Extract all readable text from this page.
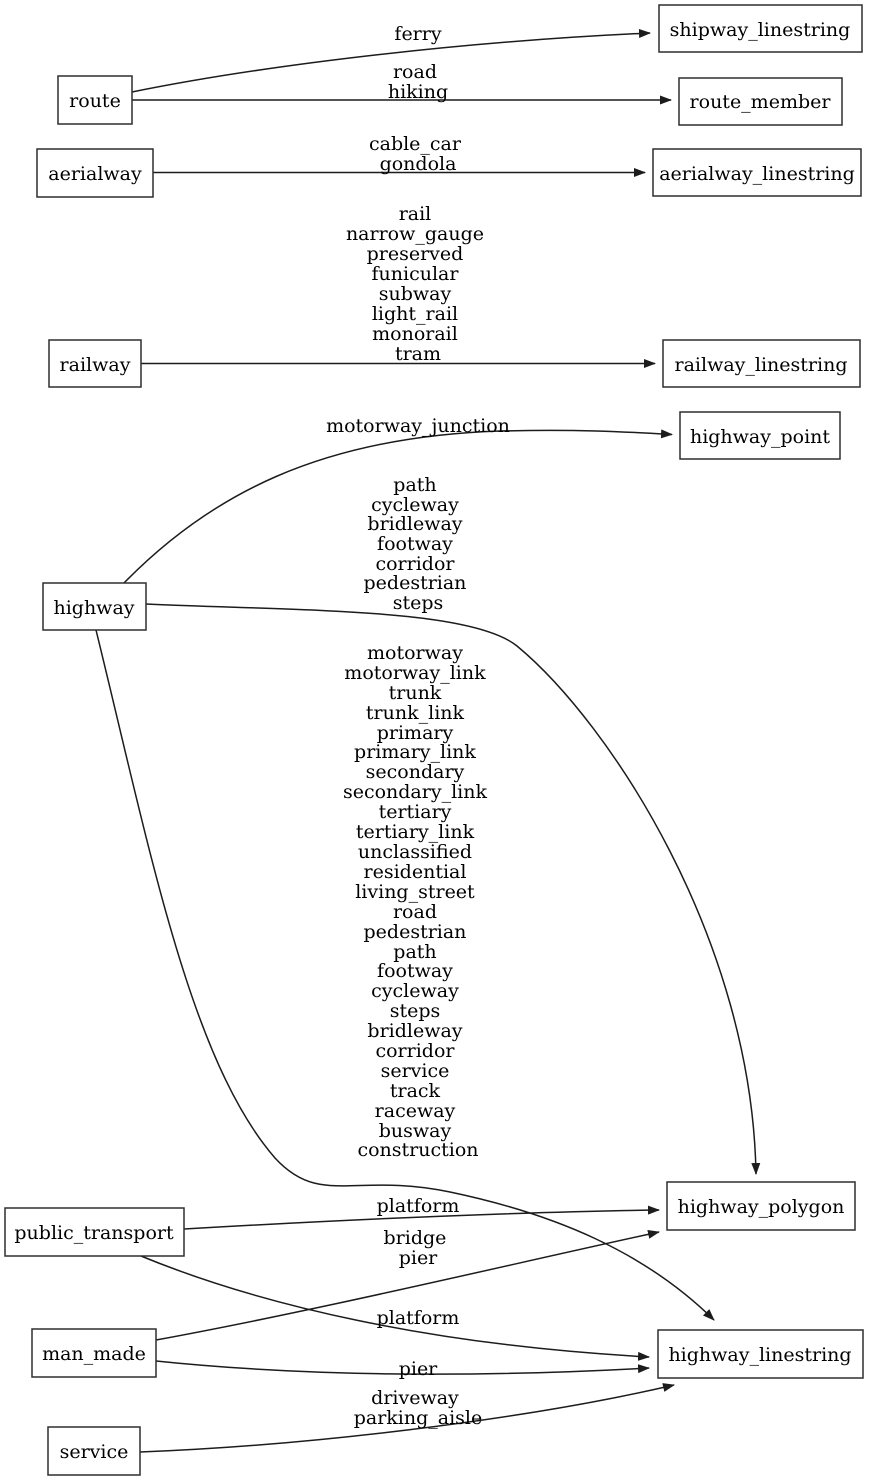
ferry
road hiking
cable_car gondola
rail narrow_gauge preserved funicular subway light_rail monorail tram
motorway_junction
path cycleway bridleway footway corridor pedestrian steps
motorway motorway_link trunk trunk_link primary primary_link secondary secondary_link tertiary tertiary_link unclassified residential living_street road pedestrian path footway cycleway steps bridleway corridor service track raceway busway construction
platform
bridge pier
platform
pier
driveway parking_aisle
route
shipway_linestring
route_member
aerialway	aerialway_linestring
railway	railway_linestring
highway_point
highway
highway_polygon
public_transport
man_made	highway_linestring
service
